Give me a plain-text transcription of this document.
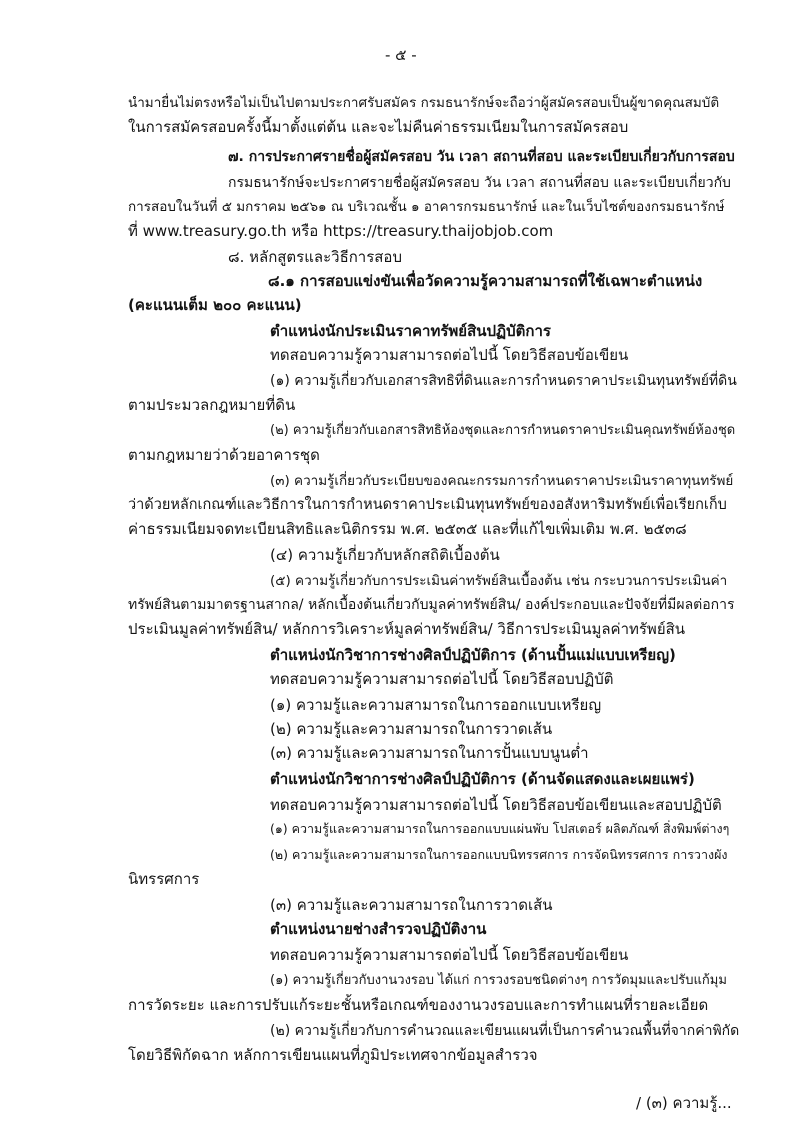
- ๕ -
นำมายื่นไม่ตรงหรือไม่เป็นไปตามประกาศรับสมัคร กรมธนารักษ์จะถือว่าผู้สมัครสอบเป็นผู้ขาดคุณสมบัติ
ในการสมัครสอบครั้งนี้มาตั้งแต่ต้น และจะไม่คืนค่าธรรมเนียมในการสมัครสอบ
๗. การประกาศรายชื่อผู้สมัครสอบ วัน เวลา สถานที่สอบ และระเบียบเกี่ยวกับการสอบ
กรมธนารักษ์จะประกาศรายชื่อผู้สมัครสอบ วัน เวลา สถานที่สอบ และระเบียบเกี่ยวกับ
การสอบในวันที่ ๕ มกราคม ๒๕๖๑ ณ บริเวณชั้น ๑ อาคารกรมธนารักษ์ และในเว็บไซต์ของกรมธนารักษ์
ที่ www.treasury.go.th หรือ https://treasury.thaijobjob.com
๘. หลักสูตรและวิธีการสอบ
๘.๑ การสอบแข่งขันเพื่อวัดความรู้ความสามารถที่ใช้เฉพาะตำแหน่ง
(คะแนนเต็ม ๒๐๐ คะแนน)
ตำแหน่งนักประเมินราคาทรัพย์สินปฏิบัติการ
ทดสอบความรู้ความสามารถต่อไปนี้ โดยวิธีสอบข้อเขียน
(๑) ความรู้เกี่ยวกับเอกสารสิทธิที่ดินและการกำหนดราคาประเมินทุนทรัพย์ที่ดิน
ตามประมวลกฎหมายที่ดิน
(๒) ความรู้เกี่ยวกับเอกสารสิทธิห้องชุดและการกำหนดราคาประเมินคุณทรัพย์ห้องชุด
ตามกฎหมายว่าด้วยอาคารชุด
(๓) ความรู้เกี่ยวกับระเบียบของคณะกรรมการกำหนดราคาประเมินราคาทุนทรัพย์
ว่าด้วยหลักเกณฑ์และวิธีการในการกำหนดราคาประเมินทุนทรัพย์ของอสังหาริมทรัพย์เพื่อเรียกเก็บ
ค่าธรรมเนียมจดทะเบียนสิทธิและนิติกรรม พ.ศ. ๒๕๓๕ และที่แก้ไขเพิ่มเติม พ.ศ. ๒๕๓๘
(๔) ความรู้เกี่ยวกับหลักสถิติเบื้องต้น
(๕) ความรู้เกี่ยวกับการประเมินค่าทรัพย์สินเบื้องต้น เช่น กระบวนการประเมินค่า
ทรัพย์สินตามมาตรฐานสากล/ หลักเบื้องต้นเกี่ยวกับมูลค่าทรัพย์สิน/ องค์ประกอบและปัจจัยที่มีผลต่อการ
ประเมินมูลค่าทรัพย์สิน/ หลักการวิเคราะห์มูลค่าทรัพย์สิน/ วิธีการประเมินมูลค่าทรัพย์สิน
ตำแหน่งนักวิชาการช่างศิลป์ปฏิบัติการ (ด้านปั้นแม่แบบเหรียญ)
ทดสอบความรู้ความสามารถต่อไปนี้ โดยวิธีสอบปฏิบัติ
(๑) ความรู้และความสามารถในการออกแบบเหรียญ
(๒) ความรู้และความสามารถในการวาดเส้น
(๓) ความรู้และความสามารถในการปั้นแบบนูนต่ำ
ตำแหน่งนักวิชาการช่างศิลป์ปฏิบัติการ (ด้านจัดแสดงและเผยแพร่)
ทดสอบความรู้ความสามารถต่อไปนี้ โดยวิธีสอบข้อเขียนและสอบปฏิบัติ
(๑) ความรู้และความสามารถในการออกแบบแผ่นพับ โปสเตอร์ ผลิตภัณฑ์ สิ่งพิมพ์ต่างๆ
(๒) ความรู้และความสามารถในการออกแบบนิทรรศการ การจัดนิทรรศการ การวางผัง
นิทรรศการ
(๓) ความรู้และความสามารถในการวาดเส้น
ตำแหน่งนายช่างสำรวจปฏิบัติงาน
ทดสอบความรู้ความสามารถต่อไปนี้ โดยวิธีสอบข้อเขียน
(๑) ความรู้เกี่ยวกับงานวงรอบ ได้แก่ การวงรอบชนิดต่างๆ การวัดมุมและปรับแก้มุม
การวัดระยะ และการปรับแก้ระยะชั้นหรือเกณฑ์ของงานวงรอบและการทำแผนที่รายละเอียด
(๒) ความรู้เกี่ยวกับการคำนวณและเขียนแผนที่เป็นการคำนวณพื้นที่จากค่าพิกัด
โดยวิธีพิกัดฉาก หลักการเขียนแผนที่ภูมิประเทศจากข้อมูลสำรวจ
/ (๓) ความรู้...
